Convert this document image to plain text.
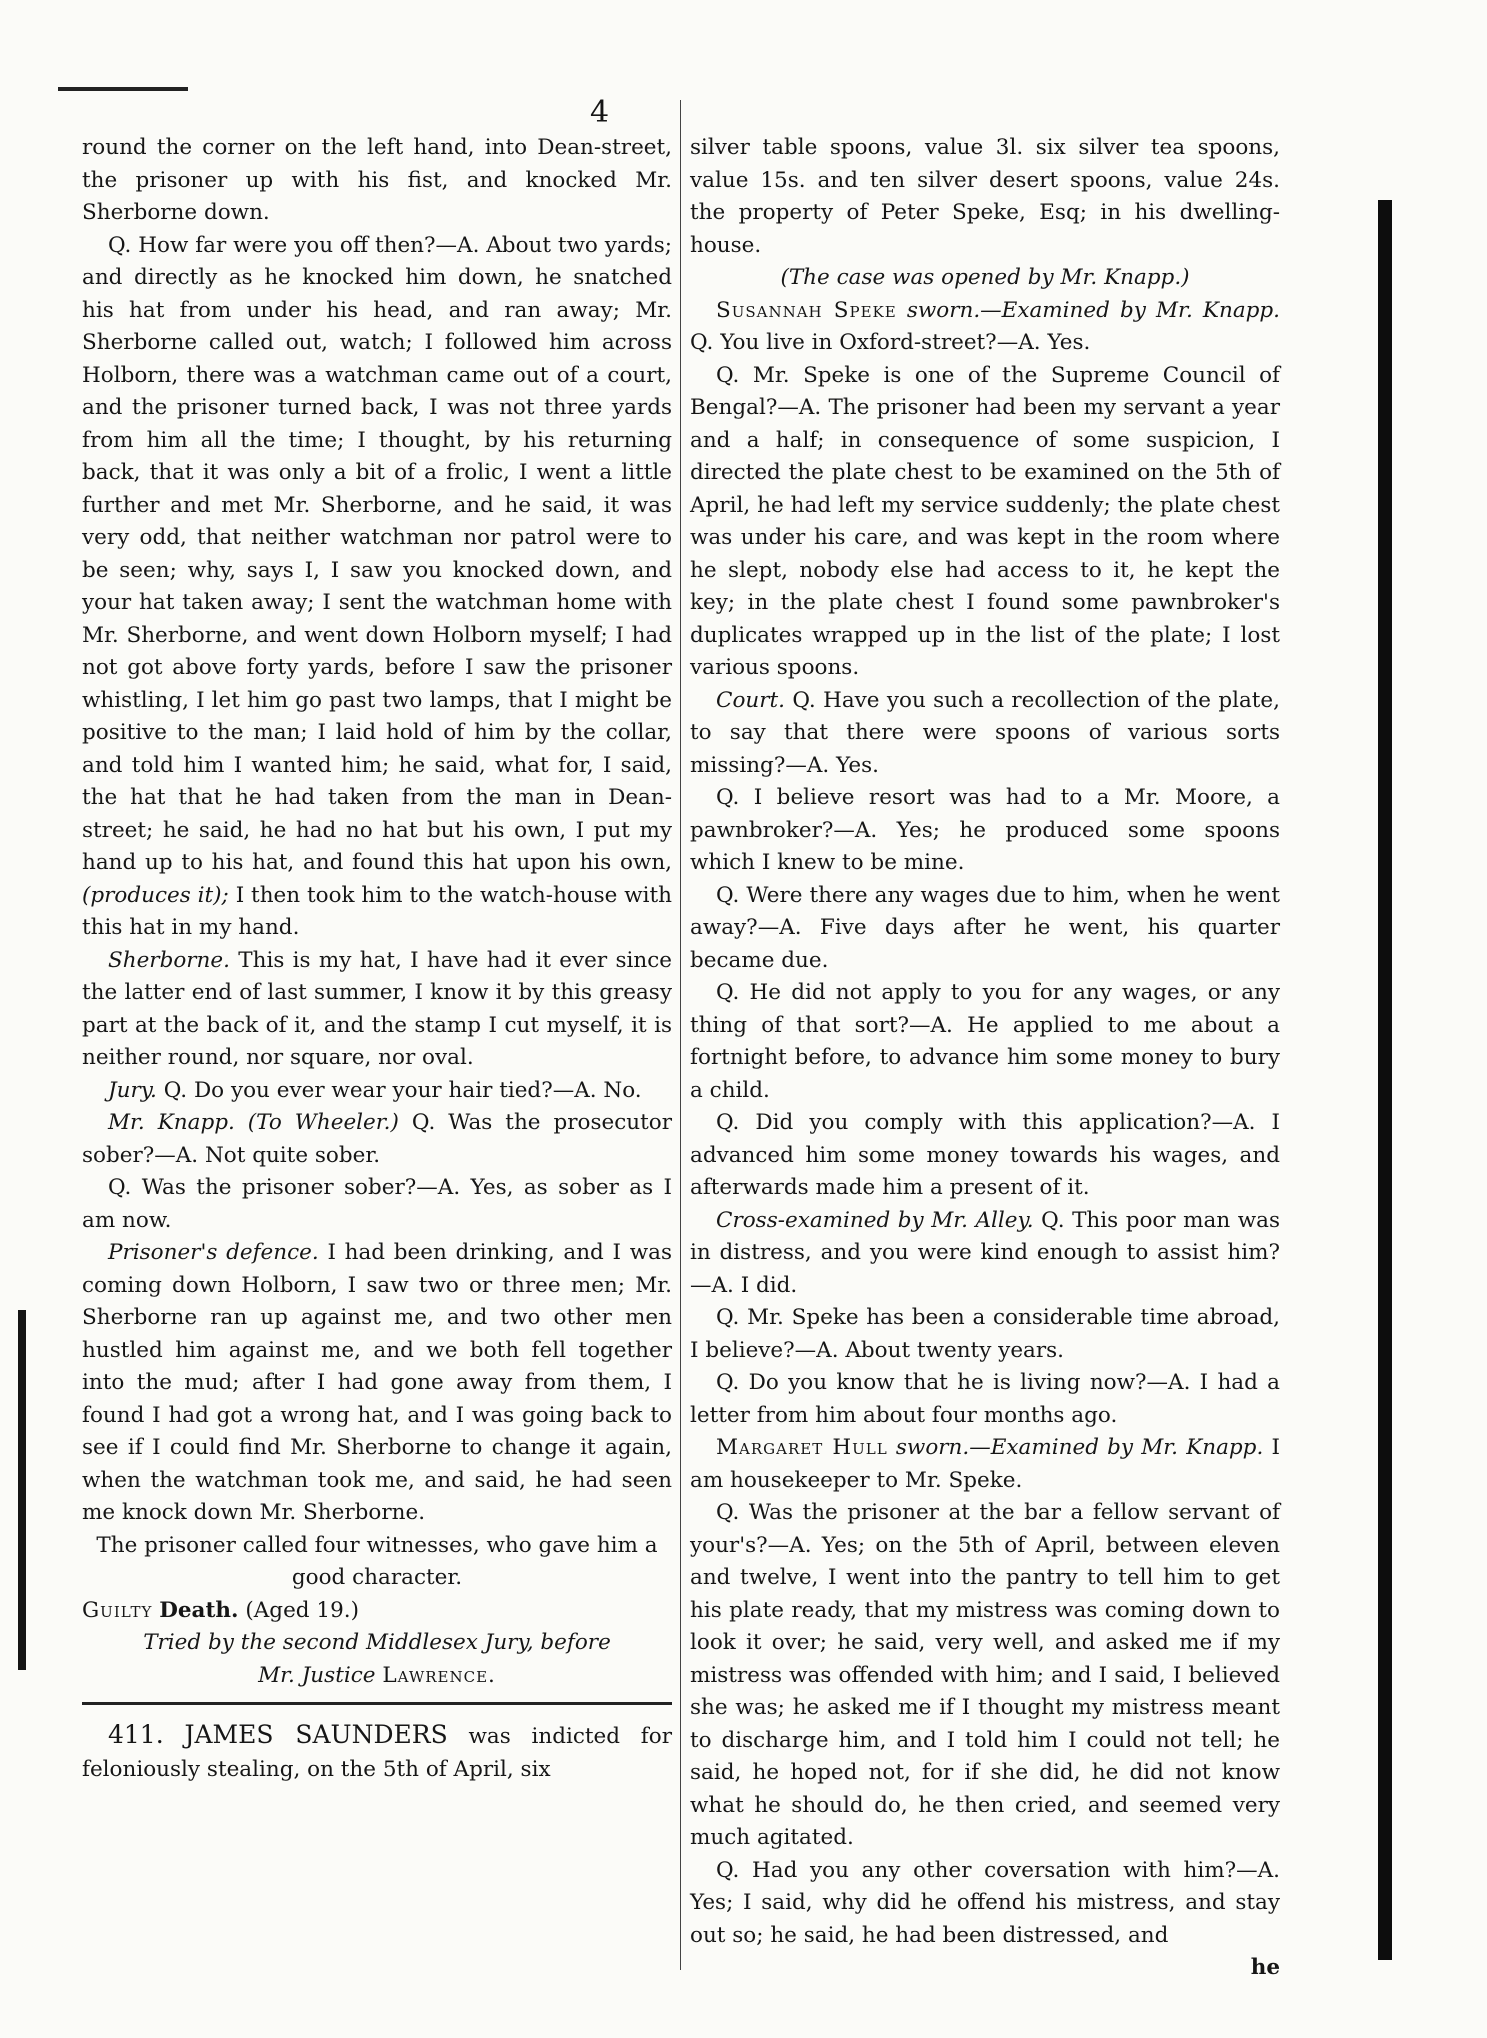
4

round the corner on the left hand, into Dean-street, the prisoner up with his fist, and knocked Mr. Sherborne down.

Q. How far were you off then?—A. About two yards; and directly as he knocked him down, he snatched his hat from under his head, and ran away; Mr. Sherborne called out, watch; I followed him across Holborn, there was a watchman came out of a court, and the prisoner turned back, I was not three yards from him all the time; I thought, by his returning back, that it was only a bit of a frolic, I went a little further and met Mr. Sherborne, and he said, it was very odd, that neither watchman nor patrol were to be seen; why, says I, I saw you knocked down, and your hat taken away; I sent the watchman home with Mr. Sherborne, and went down Holborn myself; I had not got above forty yards, before I saw the prisoner whistling, I let him go past two lamps, that I might be positive to the man; I laid hold of him by the collar, and told him I wanted him; he said, what for, I said, the hat that he had taken from the man in Dean-street; he said, he had no hat but his own, I put my hand up to his hat, and found this hat upon his own, (produces it); I then took him to the watch-house with this hat in my hand.

Sherborne. This is my hat, I have had it ever since the latter end of last summer, I know it by this greasy part at the back of it, and the stamp I cut myself, it is neither round, nor square, nor oval.

Jury. Q. Do you ever wear your hair tied?—A. No.

Mr. Knapp. (To Wheeler.) Q. Was the prosecutor sober?—A. Not quite sober.

Q. Was the prisoner sober?—A. Yes, as sober as I am now.

Prisoner's defence. I had been drinking, and I was coming down Holborn, I saw two or three men; Mr. Sherborne ran up against me, and two other men hustled him against me, and we both fell together into the mud; after I had gone away from them, I found I had got a wrong hat, and I was going back to see if I could find Mr. Sherborne to change it again, when the watchman took me, and said, he had seen me knock down Mr. Sherborne.

The prisoner called four witnesses, who gave him a good character.

Guilty Death. (Aged 19.)

Tried by the second Middlesex Jury, before

Mr. Justice Lawrence.

411. JAMES SAUNDERS was indicted for feloniously stealing, on the 5th of April, six

silver table spoons, value 3l. six silver tea spoons, value 15s. and ten silver desert spoons, value 24s. the property of Peter Speke, Esq; in his dwelling-house.

(The case was opened by Mr. Knapp.)

Susannah Speke sworn.—Examined by Mr. Knapp. Q. You live in Oxford-street?—A. Yes.

Q. Mr. Speke is one of the Supreme Council of Bengal?—A. The prisoner had been my servant a year and a half; in consequence of some suspicion, I directed the plate chest to be examined on the 5th of April, he had left my service suddenly; the plate chest was under his care, and was kept in the room where he slept, nobody else had access to it, he kept the key; in the plate chest I found some pawnbroker's duplicates wrapped up in the list of the plate; I lost various spoons.

Court. Q. Have you such a recollection of the plate, to say that there were spoons of various sorts missing?—A. Yes.

Q. I believe resort was had to a Mr. Moore, a pawnbroker?—A. Yes; he produced some spoons which I knew to be mine.

Q. Were there any wages due to him, when he went away?—A. Five days after he went, his quarter became due.

Q. He did not apply to you for any wages, or any thing of that sort?—A. He applied to me about a fortnight before, to advance him some money to bury a child.

Q. Did you comply with this application?—A. I advanced him some money towards his wages, and afterwards made him a present of it.

Cross-examined by Mr. Alley. Q. This poor man was in distress, and you were kind enough to assist him?—A. I did.

Q. Mr. Speke has been a considerable time abroad, I believe?—A. About twenty years.

Q. Do you know that he is living now?—A. I had a letter from him about four months ago.

Margaret Hull sworn.—Examined by Mr. Knapp. I am housekeeper to Mr. Speke.

Q. Was the prisoner at the bar a fellow servant of your's?—A. Yes; on the 5th of April, between eleven and twelve, I went into the pantry to tell him to get his plate ready, that my mistress was coming down to look it over; he said, very well, and asked me if my mistress was offended with him; and I said, I believed she was; he asked me if I thought my mistress meant to discharge him, and I told him I could not tell; he said, he hoped not, for if she did, he did not know what he should do, he then cried, and seemed very much agitated.

Q. Had you any other coversation with him?—A. Yes; I said, why did he offend his mistress, and stay out so; he said, he had been distressed, and

he
